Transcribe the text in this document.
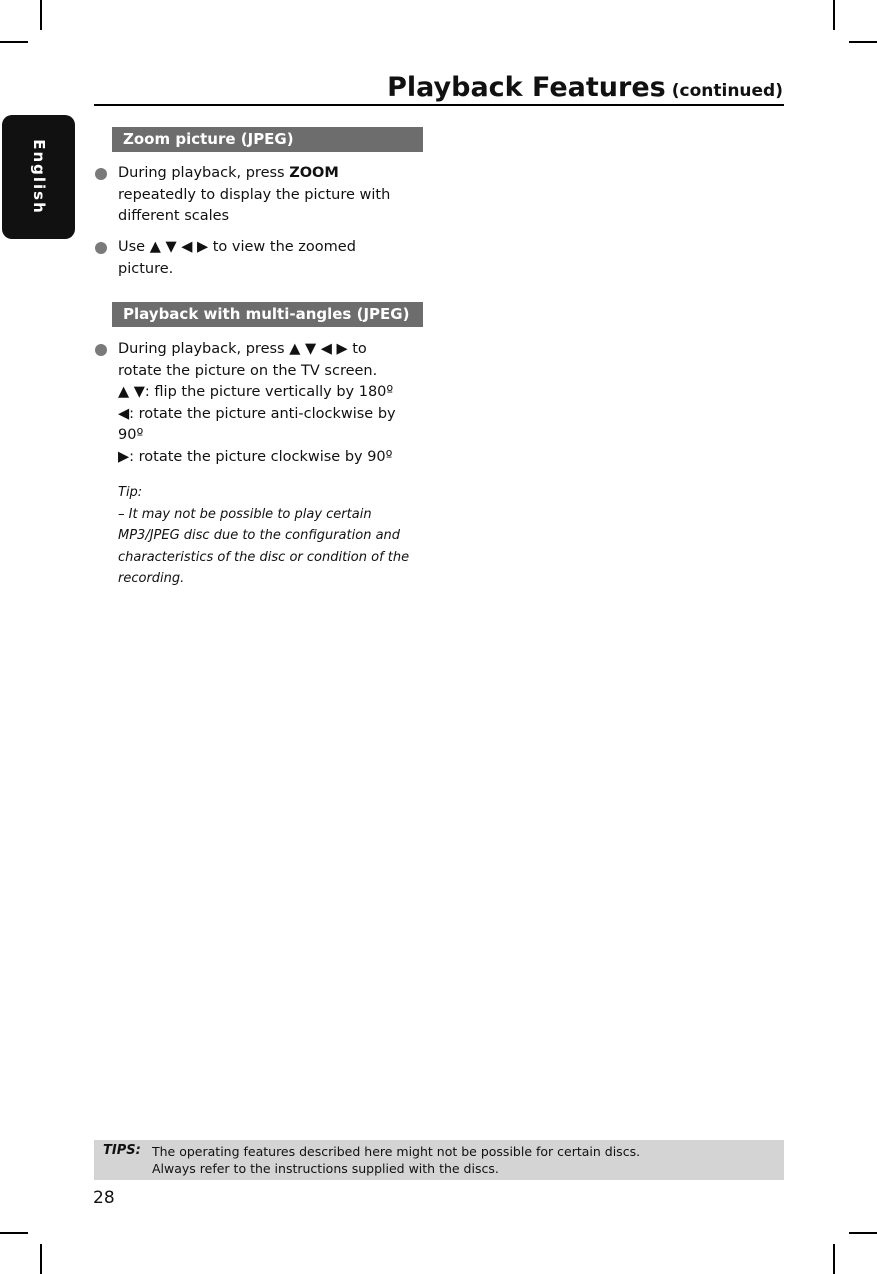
English
Playback Features (continued)
Zoom picture (JPEG)
During playback, press ZOOM
repeatedly to display the picture with
different scales
Use ▲ ▼ ◀ ▶ to view the zoomed
picture.
Playback with multi-angles (JPEG)
During playback, press ▲ ▼ ◀ ▶ to
rotate the picture on the TV screen.
▲ ▼: flip the picture vertically by 180º
◀: rotate the picture anti-clockwise by
90º
▶: rotate the picture clockwise by 90º
Tip:
– It may not be possible to play certain
MP3/JPEG disc due to the configuration and
characteristics of the disc or condition of the
recording.
TIPS: The operating features described here might not be possible for certain discs.
Always refer to the instructions supplied with the discs.
28
